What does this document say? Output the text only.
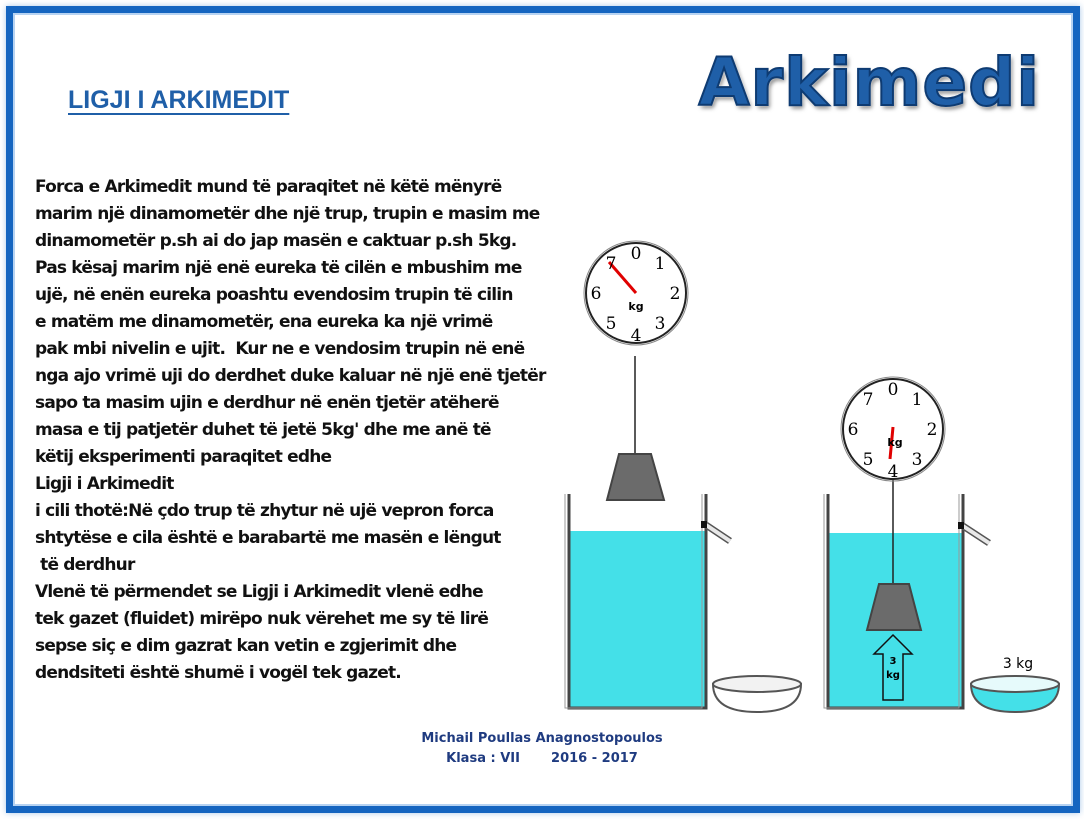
Arkimedi
LIGJI I ARKIMEDIT
Forca e Arkimedit mund të paraqitet në këtë mënyrë
marim një dinamometër dhe një trup, trupin e masim me
dinamometër p.sh ai do jap masën e caktuar p.sh 5kg.
Pas kësaj marim një enë eureka të cilën e mbushim me
ujë, në enën eureka poashtu evendosim trupin të cilin
e matëm me dinamometër, ena eureka ka një vrimë
pak mbi nivelin e ujit.  Kur ne e vendosim trupin në enë
nga ajo vrimë uji do derdhet duke kaluar në një enë tjetër
sapo ta masim ujin e derdhur në enën tjetër atëherë
masa e tij patjetër duhet të jetë 5kg' dhe me anë të
këtij eksperimenti paraqitet edhe
Ligji i Arkimedit
i cili thotë:Në çdo trup të zhytur në ujë vepron forca
shtytëse e cila është e barabartë me masën e lëngut
të derdhur
Vlenë të përmendet se Ligji i Arkimedit vlenë edhe
tek gazet (fluidet) mirëpo nuk vërehet me sy të lirë
sepse siç e dim gazrat kan vetin e zgjerimit dhe
dendsiteti është shumë i vogël tek gazet.
0 1
2
3
4
5
6
7
kg
3
kg
3 kg
0 1
2
3
4
5
6
7
kg
Michail Poullas Anagnostopoulos
Klasa : VII 2016 - 2017
